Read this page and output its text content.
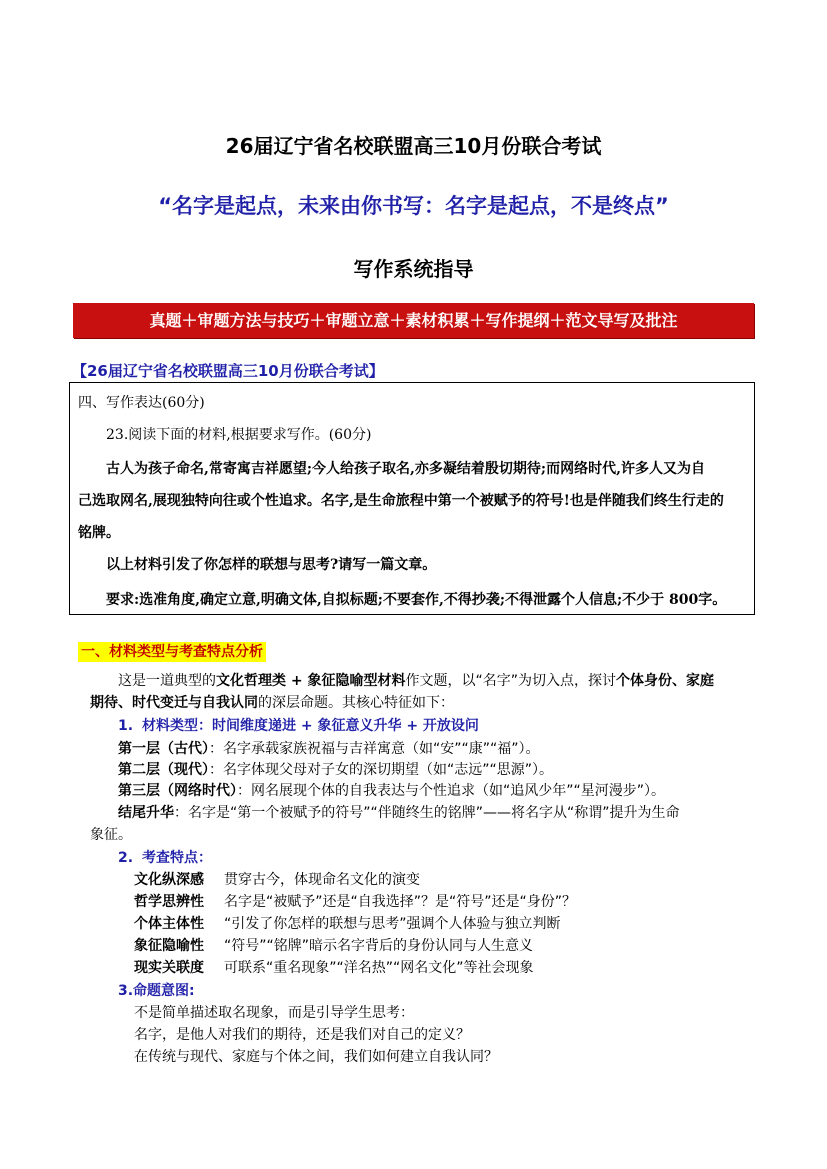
26届辽宁省名校联盟高三10月份联合考试
“名字是起点，未来由你书写：名字是起点，不是终点”
写作系统指导
真题＋审题方法与技巧＋审题立意＋素材积累＋写作提纲＋范文导写及批注
【26届辽宁省名校联盟高三10月份联合考试】
四、写作表达(60分)
23.阅读下面的材料,根据要求写作。(60分)
古人为孩子命名,常寄寓吉祥愿望;今人给孩子取名,亦多凝结着殷切期待;而网络时代,许多人又为自
己选取网名,展现独特向往或个性追求。名字,是生命旅程中第一个被赋予的符号!也是伴随我们终生行走的
铭牌。
以上材料引发了你怎样的联想与思考?请写一篇文章。
要求:选准角度,确定立意,明确文体,自拟标题;不要套作,不得抄袭;不得泄露个人信息;不少于 800字。
一、材料类型与考查特点分析
这是一道典型的文化哲理类 + 象征隐喻型材料作文题，以“名字”为切入点，探讨个体身份、家庭
期待、时代变迁与自我认同的深层命题。其核心特征如下：
1. 材料类型：时间维度递进 + 象征意义升华 + 开放设问
第一层（古代）：名字承载家族祝福与吉祥寓意（如“安”“康”“福”）。
第二层（现代）：名字体现父母对子女的深切期望（如“志远”“思源”）。
第三层（网络时代）：网名展现个体的自我表达与个性追求（如“追风少年”“星河漫步”）。
结尾升华：名字是“第一个被赋予的符号”“伴随终生的铭牌”——将名字从“称谓”提升为生命
象征。
2. 考查特点：
文化纵深感 贯穿古今，体现命名文化的演变
哲学思辨性 名字是“被赋予”还是“自我选择”？是“符号”还是“身份”？
个体主体性 “引发了你怎样的联想与思考”强调个人体验与独立判断
象征隐喻性 “符号”“铭牌”暗示名字背后的身份认同与人生意义
现实关联度 可联系“重名现象”“洋名热”“网名文化”等社会现象
3.命题意图:
不是简单描述取名现象，而是引导学生思考：
名字，是他人对我们的期待，还是我们对自己的定义？
在传统与现代、家庭与个体之间，我们如何建立自我认同？
